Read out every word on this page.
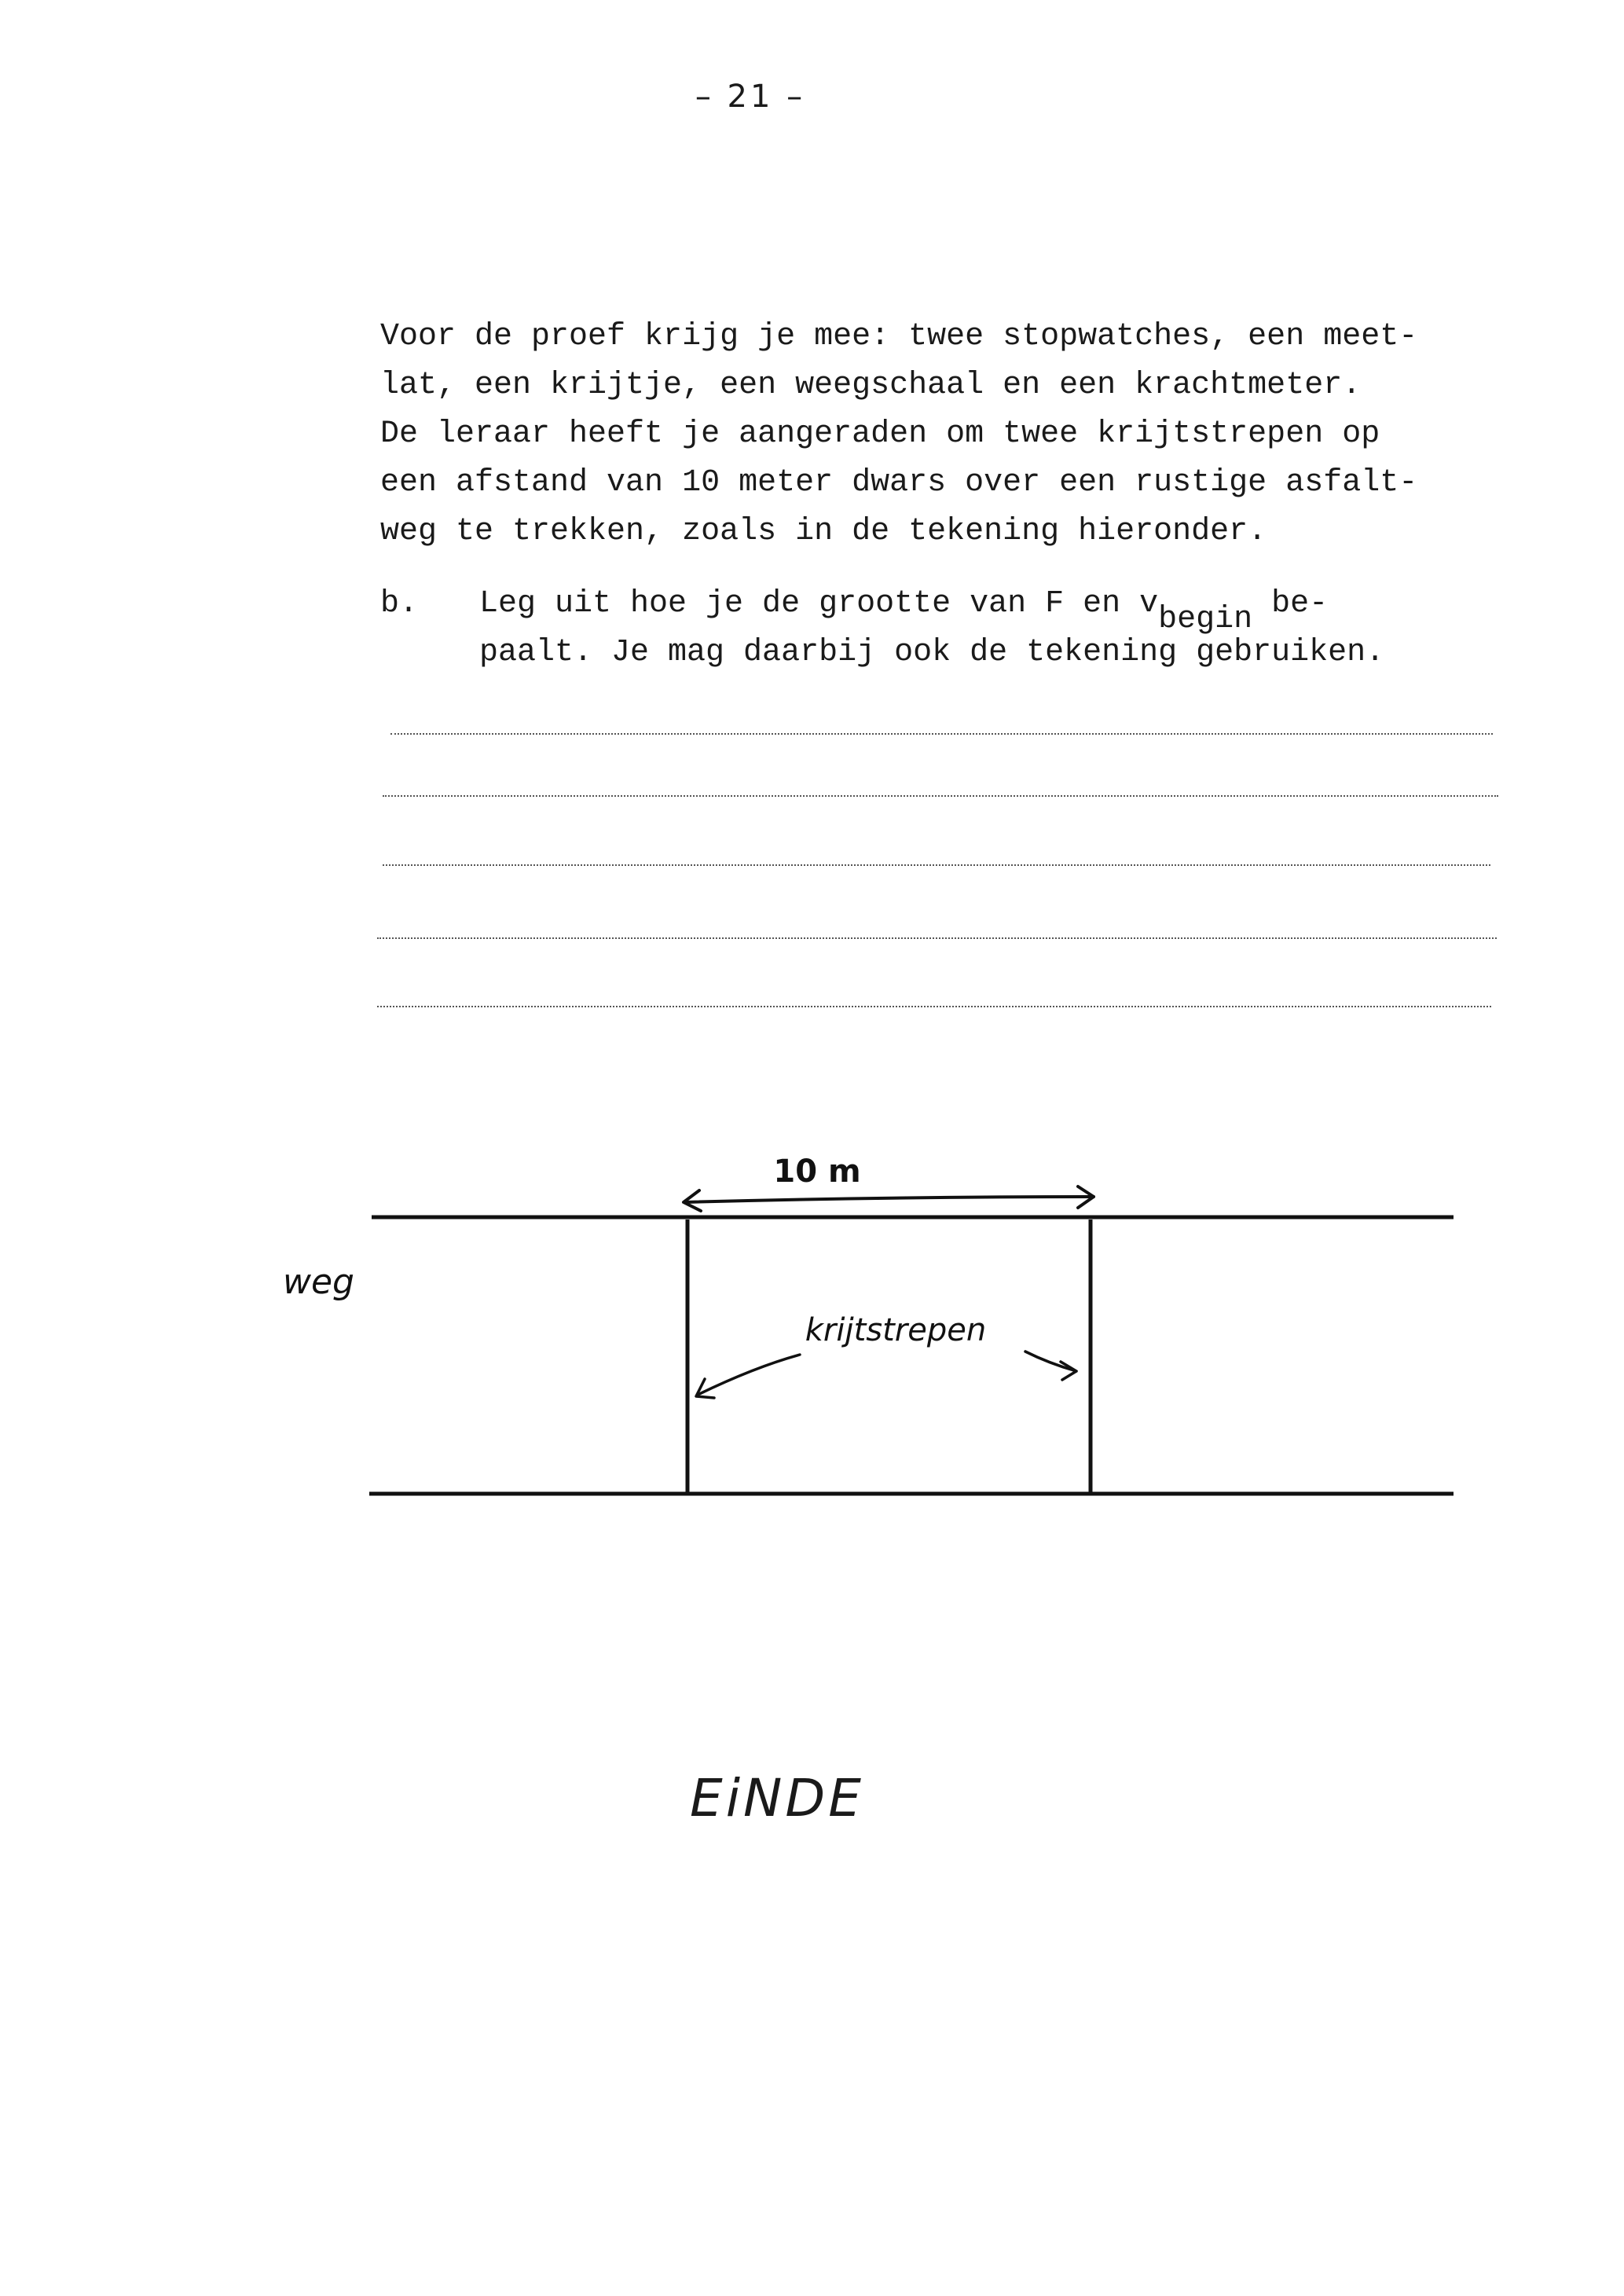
– 21 –
Voor de proef krijg je mee: twee stopwatches, een meet-
lat, een krijtje, een weegschaal en een krachtmeter.
De leraar heeft je aangeraden om twee krijtstrepen op
een afstand van 10 meter dwars over een rustige asfalt-
weg te trekken, zoals in de tekening hieronder.
b. Leg uit hoe je de grootte van F en vbegin be-
paalt. Je mag daarbij ook de tekening gebruiken.
10 m
weg
krijtstrepen
EiNDE
